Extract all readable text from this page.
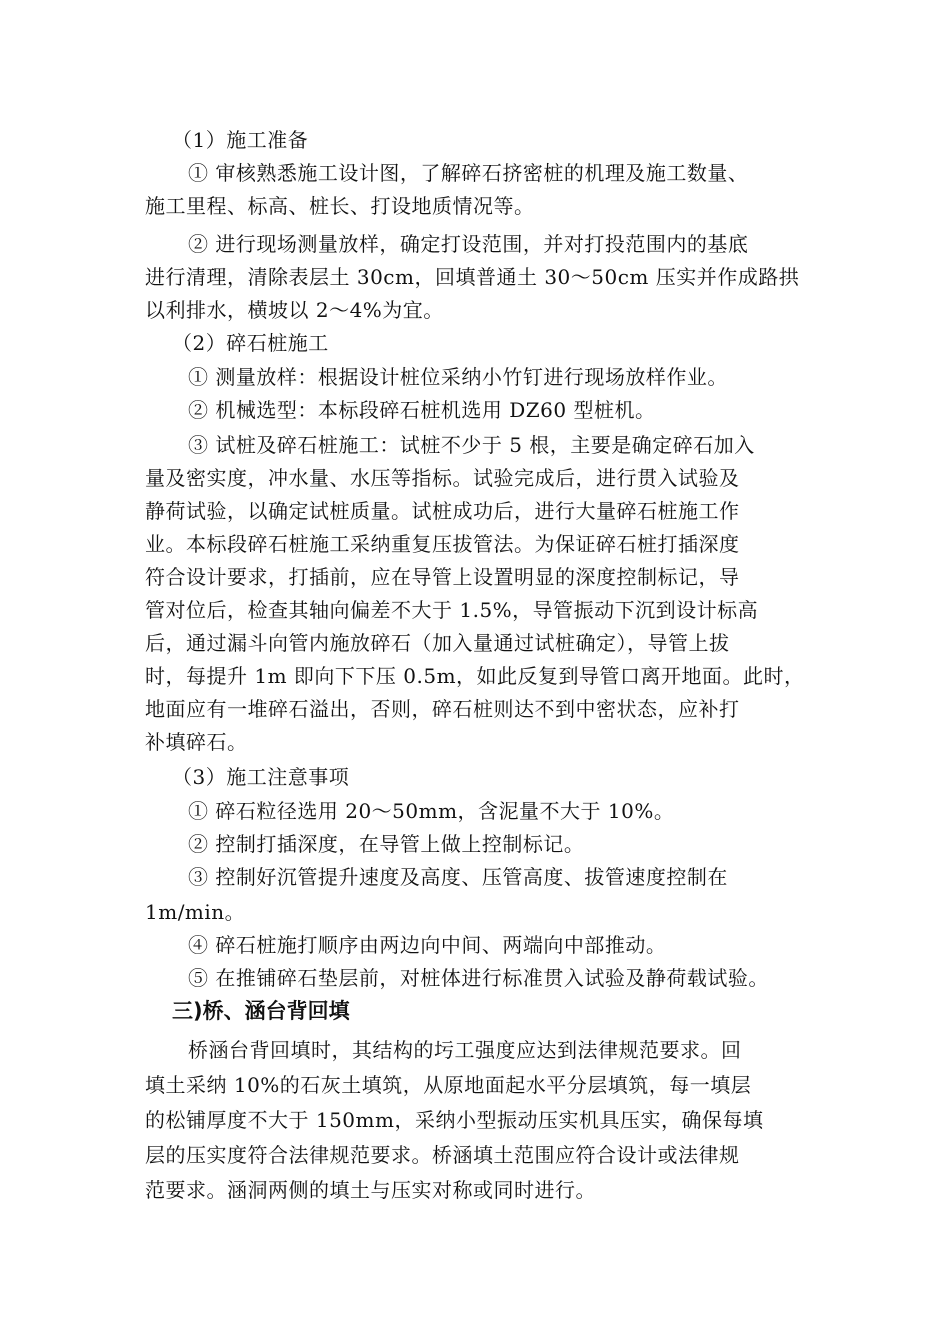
（1）施工准备
① 审核熟悉施工设计图，了解碎石挤密桩的机理及施工数量、
施工里程、标高、桩长、打设地质情况等。
② 进行现场测量放样，确定打设范围，并对打投范围内的基底
进行清理，清除表层土 30cm，回填普通土 30～50cm 压实并作成路拱
以利排水，横坡以 2～4%为宜。
（2）碎石桩施工
① 测量放样：根据设计桩位采纳小竹钉进行现场放样作业。
② 机械选型：本标段碎石桩机选用 DZ60 型桩机。
③ 试桩及碎石桩施工：试桩不少于 5 根，主要是确定碎石加入
量及密实度，冲水量、水压等指标。试验完成后，进行贯入试验及
静荷试验，以确定试桩质量。试桩成功后，进行大量碎石桩施工作
业。本标段碎石桩施工采纳重复压拔管法。为保证碎石桩打插深度
符合设计要求，打插前，应在导管上设置明显的深度控制标记，导
管对位后，检查其轴向偏差不大于 1.5%，导管振动下沉到设计标高
后，通过漏斗向管内施放碎石（加入量通过试桩确定），导管上拔
时，每提升 1m 即向下下压 0.5m，如此反复到导管口离开地面。此时，
地面应有一堆碎石溢出，否则，碎石桩则达不到中密状态，应补打
补填碎石。
（3）施工注意事项
① 碎石粒径选用 20～50mm，含泥量不大于 10%。
② 控制打插深度，在导管上做上控制标记。
③ 控制好沉管提升速度及高度、压管高度、拔管速度控制在
1m/min。
④ 碎石桩施打顺序由两边向中间、两端向中部推动。
⑤ 在推铺碎石垫层前，对桩体进行标准贯入试验及静荷载试验。
三)桥、涵台背回填
桥涵台背回填时，其结构的圬工强度应达到法律规范要求。回
填土采纳 10%的石灰土填筑，从原地面起水平分层填筑，每一填层
的松铺厚度不大于 150mm，采纳小型振动压实机具压实，确保每填
层的压实度符合法律规范要求。桥涵填土范围应符合设计或法律规
范要求。涵洞两侧的填土与压实对称或同时进行。
